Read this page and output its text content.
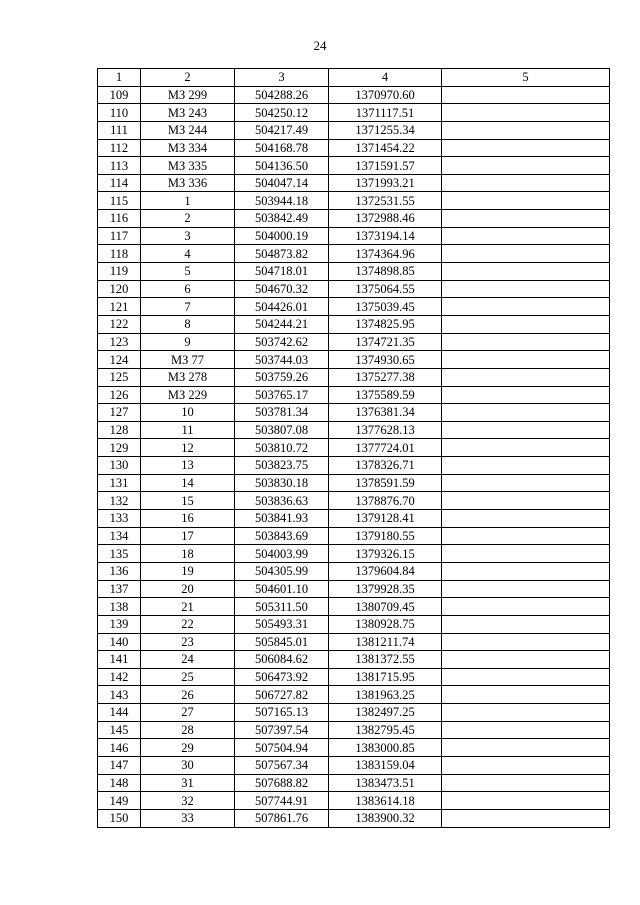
24
1	2	3	4	5
109	МЗ 299	504288.26	1370970.60	
110	МЗ 243	504250.12	1371117.51	
111	МЗ 244	504217.49	1371255.34	
112	МЗ 334	504168.78	1371454.22	
113	МЗ 335	504136.50	1371591.57	
114	МЗ 336	504047.14	1371993.21	
115	1	503944.18	1372531.55	
116	2	503842.49	1372988.46	
117	3	504000.19	1373194.14	
118	4	504873.82	1374364.96	
119	5	504718.01	1374898.85	
120	6	504670.32	1375064.55	
121	7	504426.01	1375039.45	
122	8	504244.21	1374825.95	
123	9	503742.62	1374721.35	
124	МЗ 77	503744.03	1374930.65	
125	МЗ 278	503759.26	1375277.38	
126	МЗ 229	503765.17	1375589.59	
127	10	503781.34	1376381.34	
128	11	503807.08	1377628.13	
129	12	503810.72	1377724.01	
130	13	503823.75	1378326.71	
131	14	503830.18	1378591.59	
132	15	503836.63	1378876.70	
133	16	503841.93	1379128.41	
134	17	503843.69	1379180.55	
135	18	504003.99	1379326.15	
136	19	504305.99	1379604.84	
137	20	504601.10	1379928.35	
138	21	505311.50	1380709.45	
139	22	505493.31	1380928.75	
140	23	505845.01	1381211.74	
141	24	506084.62	1381372.55	
142	25	506473.92	1381715.95	
143	26	506727.82	1381963.25	
144	27	507165.13	1382497.25	
145	28	507397.54	1382795.45	
146	29	507504.94	1383000.85	
147	30	507567.34	1383159.04	
148	31	507688.82	1383473.51	
149	32	507744.91	1383614.18	
150	33	507861.76	1383900.32	
